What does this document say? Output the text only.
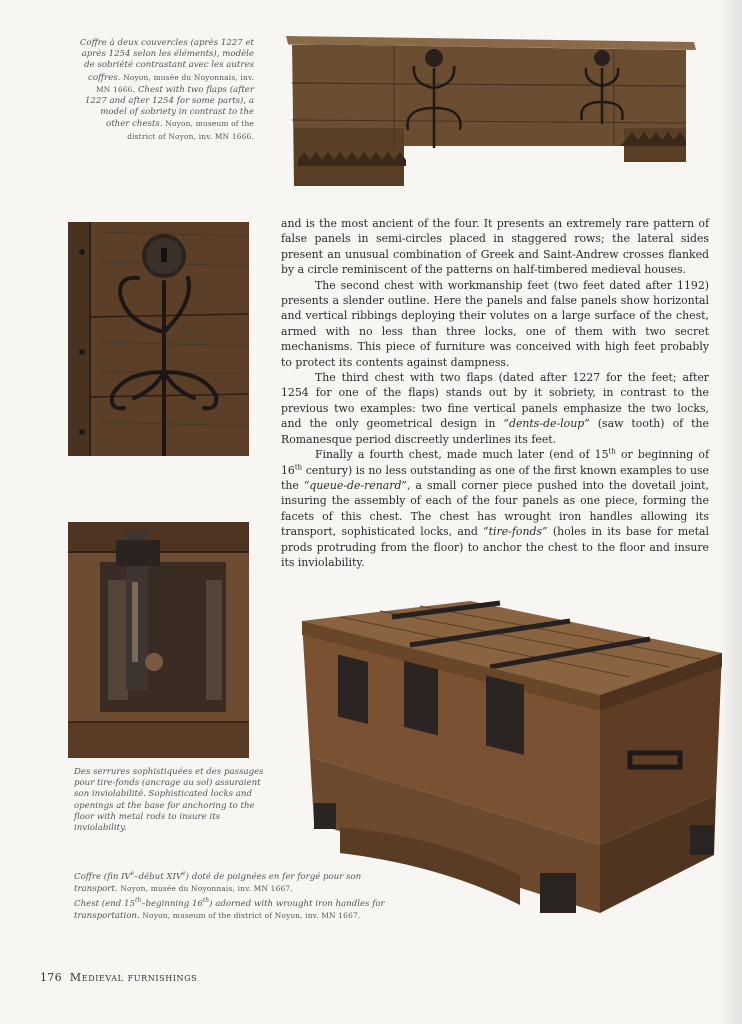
Coffre à deux couvercles (après 1227 et après 1254 selon les éléments), modèle de sobriété contrastant avec les autres coffres. Noyon, musée du Noyonnais, inv. MN 1666. Chest with two flaps (after 1227 and after 1254 for some parts), a model of sobriety in contrast to the other chests. Noyon, museum of the district of Noyon, inv. MN 1666.
Des serrures sophistiquées et des passages pour tire-fonds (ancrage au sol) assuraient son inviolabilité. Sophisticated locks and openings at the base for anchoring to the floor with metal rods to insure its inviolability.

and is the most ancient of the four. It presents an extremely rare pattern of false panels in semi-circles placed in staggered rows; the lateral sides present an unusual combination of Greek and Saint-Andrew crosses flanked by a circle reminiscent of the patterns on half-timbered medieval houses.

The second chest with workmanship feet (two feet dated after 1192) presents a slender outline. Here the panels and false panels show horizontal and vertical ribbings deploying their volutes on a large surface of the chest, armed with no less than three locks, one of them with two secret mechanisms. This piece of furniture was conceived with high feet probably to protect its contents against dampness.

The third chest with two flaps (dated after 1227 for the feet; after 1254 for one of the flaps) stands out by it sobriety, in contrast to the previous two examples: two fine vertical panels emphasize the two locks, and the only geometrical design in “dents-de-loup” (saw tooth) of the Romanesque period discreetly underlines its feet.

Finally a fourth chest, made much later (end of 15th or beginning of 16th century) is no less outstanding as one of the first known examples to use the “queue-de-renard”, a small corner piece pushed into the dovetail joint, insuring the assembly of each of the four panels as one piece, forming the facets of this chest. The chest has wrought iron handles allowing its transport, sophisticated locks, and “tire-fonds” (holes in its base for metal prods protruding from the floor) to anchor the chest to the floor and insure its inviolability.

Coffre (fin IVe–début XIVe) doté de poignées en fer forgé pour son transport. Noyon, musée du Noyonnais, inv. MN 1667.
Chest (end 15th–beginning 16th) adorned with wrought iron handles for transportation. Noyon, museum of the district of Noyon, inv. MN 1667.
176 Medieval furnishings
